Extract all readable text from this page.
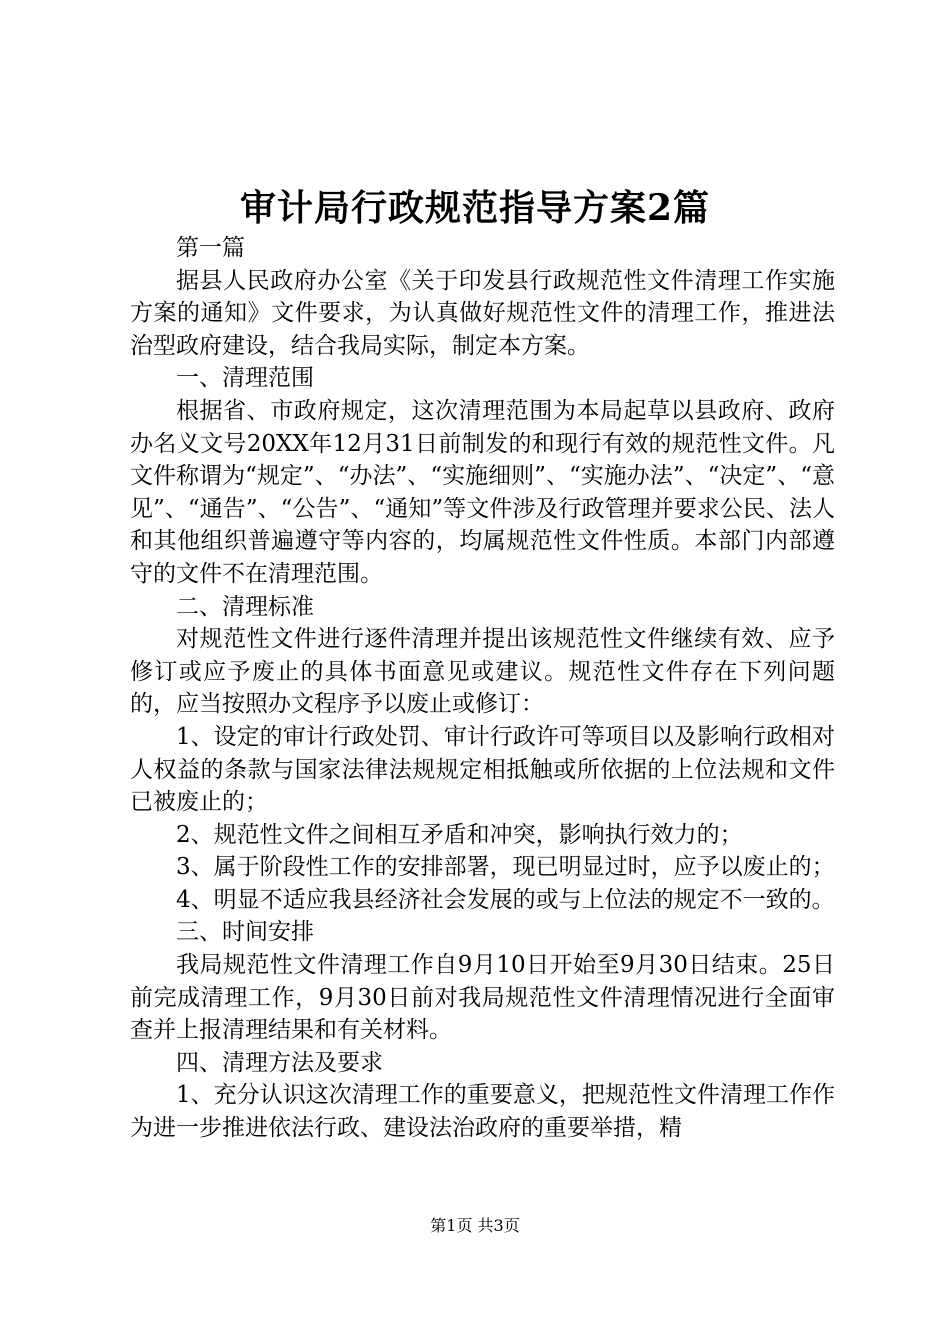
审计局行政规范指导方案2篇

第一篇

据县人民政府办公室《关于印发县行政规范性文件清理工作实施方案的通知》文件要求，为认真做好规范性文件的清理工作，推进法治型政府建设，结合我局实际，制定本方案。

一、清理范围

根据省、市政府规定，这次清理范围为本局起草以县政府、政府办名义文号20XX年12月31日前制发的和现行有效的规范性文件。凡文件称谓为“规定”、“办法”、“实施细则”、“实施办法”、“决定”、“意见”、“通告”、“公告”、“通知”等文件涉及行政管理并要求公民、法人和其他组织普遍遵守等内容的，均属规范性文件性质。本部门内部遵守的文件不在清理范围。

二、清理标准

对规范性文件进行逐件清理并提出该规范性文件继续有效、应予修订或应予废止的具体书面意见或建议。规范性文件存在下列问题的，应当按照办文程序予以废止或修订：

1、设定的审计行政处罚、审计行政许可等项目以及影响行政相对人权益的条款与国家法律法规规定相抵触或所依据的上位法规和文件已被废止的；

2、规范性文件之间相互矛盾和冲突，影响执行效力的；

3、属于阶段性工作的安排部署，现已明显过时，应予以废止的；

4、明显不适应我县经济社会发展的或与上位法的规定不一致的。

三、时间安排

我局规范性文件清理工作自9月10日开始至9月30日结束。25日前完成清理工作，9月30日前对我局规范性文件清理情况进行全面审查并上报清理结果和有关材料。

四、清理方法及要求

1、充分认识这次清理工作的重要意义，把规范性文件清理工作作为进一步推进依法行政、建设法治政府的重要举措，精

第1页 共3页
